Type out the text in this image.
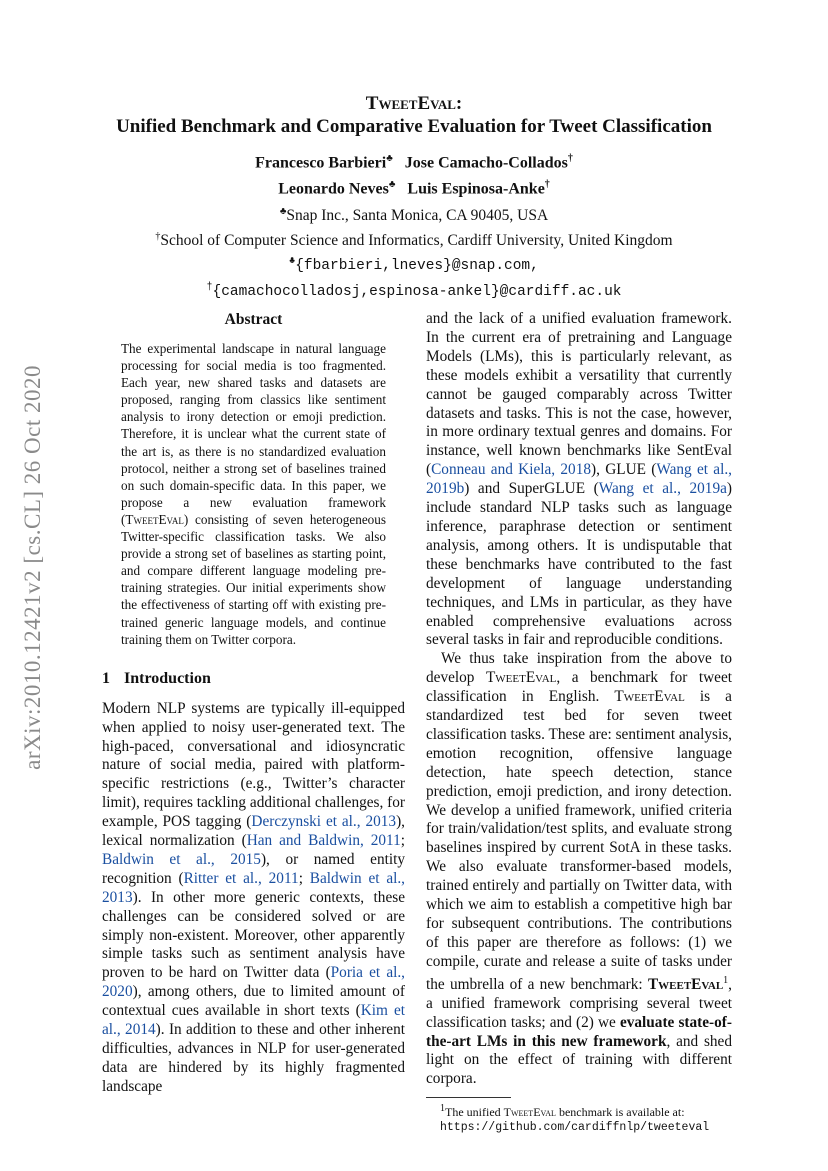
arXiv:2010.12421v2 [cs.CL] 26 Oct 2020
TweetEval:
Unified Benchmark and Comparative Evaluation for Tweet Classification
Francesco Barbieri♣ Jose Camacho-Collados†
Leonardo Neves♣ Luis Espinosa-Anke†
♣Snap Inc., Santa Monica, CA 90405, USA
†School of Computer Science and Informatics, Cardiff University, United Kingdom
♣{fbarbieri,lneves}@snap.com,
†{camachocolladosj,espinosa-ankel}@cardiff.ac.uk
Abstract
The experimental landscape in natural language processing for social media is too fragmented. Each year, new shared tasks and datasets are proposed, ranging from classics like sentiment analysis to irony detection or emoji prediction. Therefore, it is unclear what the current state of the art is, as there is no standardized evaluation protocol, neither a strong set of baselines trained on such domain-specific data. In this paper, we propose a new evaluation framework (TweetEval) consisting of seven heterogeneous Twitter-specific classification tasks. We also provide a strong set of baselines as starting point, and compare different language modeling pre-training strategies. Our initial experiments show the effectiveness of starting off with existing pre-trained generic language models, and continue training them on Twitter corpora.
1 Introduction

Modern NLP systems are typically ill-equipped when applied to noisy user-generated text. The high-paced, conversational and idiosyncratic nature of social media, paired with platform-specific restrictions (e.g., Twitter’s character limit), requires tackling additional challenges, for example, POS tagging (Derczynski et al., 2013), lexical normalization (Han and Baldwin, 2011; Baldwin et al., 2015), or named entity recognition (Ritter et al., 2011; Baldwin et al., 2013). In other more generic contexts, these challenges can be considered solved or are simply non-existent. Moreover, other apparently simple tasks such as sentiment analysis have proven to be hard on Twitter data (Poria et al., 2020), among others, due to limited amount of contextual cues available in short texts (Kim et al., 2014). In addition to these and other inherent difficulties, advances in NLP for user-generated data are hindered by its highly fragmented landscape

and the lack of a unified evaluation framework. In the current era of pretraining and Language Models (LMs), this is particularly relevant, as these models exhibit a versatility that currently cannot be gauged comparably across Twitter datasets and tasks. This is not the case, however, in more ordinary textual genres and domains. For instance, well known benchmarks like SentEval (Conneau and Kiela, 2018), GLUE (Wang et al., 2019b) and SuperGLUE (Wang et al., 2019a) include standard NLP tasks such as language inference, paraphrase detection or sentiment analysis, among others. It is undisputable that these benchmarks have contributed to the fast development of language understanding techniques, and LMs in particular, as they have enabled comprehensive evaluations across several tasks in fair and reproducible conditions.

We thus take inspiration from the above to develop TweetEval, a benchmark for tweet classification in English. TweetEval is a standardized test bed for seven tweet classification tasks. These are: sentiment analysis, emotion recognition, offensive language detection, hate speech detection, stance prediction, emoji prediction, and irony detection. We develop a unified framework, unified criteria for train/validation/test splits, and evaluate strong baselines inspired by current SotA in these tasks. We also evaluate transformer-based models, trained entirely and partially on Twitter data, with which we aim to establish a competitive high bar for subsequent contributions. The contributions of this paper are therefore as follows: (1) we compile, curate and release a suite of tasks under the umbrella of a new benchmark: TweetEval$^1$, a unified framework comprising several tweet classification tasks; and (2) we evaluate state-of-the-art LMs in this new framework, and shed light on the effect of training with different corpora.

$^1$The unified TweetEval benchmark is available at:
https://github.com/cardiffnlp/tweeteval
